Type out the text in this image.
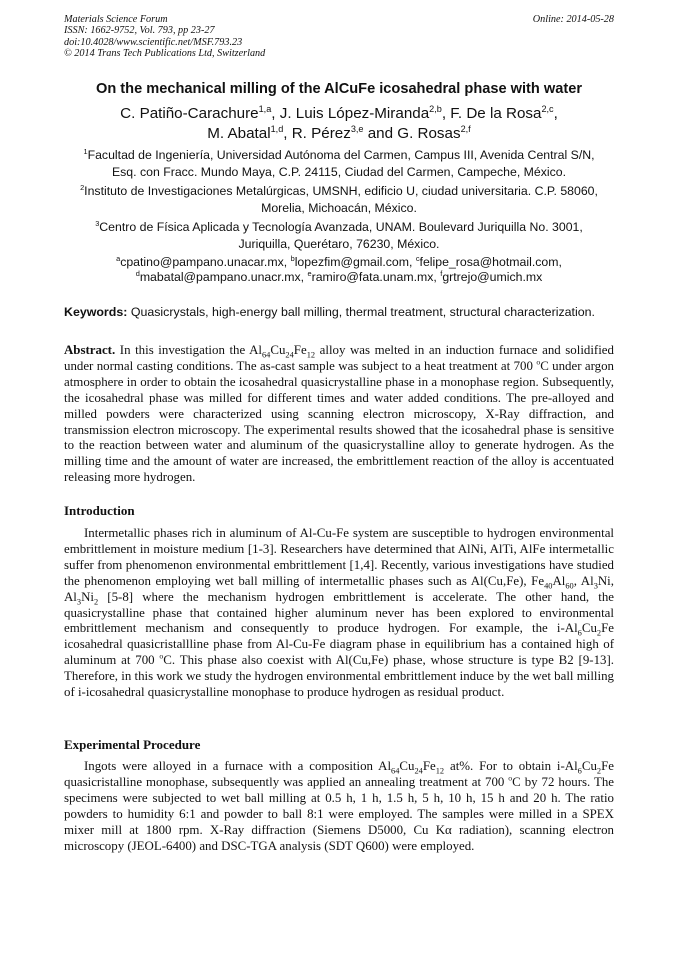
Materials Science Forum
ISSN: 1662-9752, Vol. 793, pp 23-27
doi:10.4028/www.scientific.net/MSF.793.23
© 2014 Trans Tech Publications Ltd, Switzerland
Online: 2014-05-28
On the mechanical milling of the AlCuFe icosahedral phase with water
C. Patiño-Carachure$^{1,a}$, J. Luis López-Miranda$^{2,b}$, F. De la Rosa$^{2,c}$,
M. Abatal$^{1,d}$, R. Pérez$^{3,e}$ and G. Rosas$^{2,f}$
$^1$Facultad de Ingeniería, Universidad Autónoma del Carmen, Campus III, Avenida Central S/N,
Esq. con Fracc. Mundo Maya, C.P. 24115, Ciudad del Carmen, Campeche, México.
$^2$Instituto de Investigaciones Metalúrgicas, UMSNH, edificio U, ciudad universitaria. C.P. 58060,
Morelia, Michoacán, México.
$^3$Centro de Física Aplicada y Tecnología Avanzada, UNAM. Boulevard Juriquilla No. 3001,
Juriquilla, Querétaro, 76230, México.
$^a$cpatino@pampano.unacar.mx, $^b$lopezfim@gmail.com, $^c$felipe_rosa@hotmail.com,
$^d$mabatal@pampano.unacr.mx, $^e$ramiro@fata.unam.mx, $^f$grtrejo@umich.mx
Keywords: Quasicrystals, high-energy ball milling, thermal treatment, structural characterization.

Abstract. In this investigation the $Al_{64}Cu_{24}Fe_{12}$ alloy was melted in an induction furnace and solidified under normal casting conditions. The as-cast sample was subject to a heat treatment at 700 $^o$C under argon atmosphere in order to obtain the icosahedral quasicrystalline phase in a monophase region. Subsequently, the icosahedral phase was milled for different times and water added conditions. The pre-alloyed and milled powders were characterized using scanning electron microscopy, X-Ray diffraction, and transmission electron microscopy. The experimental results showed that the icosahedral phase is sensitive to the reaction between water and aluminum of the quasicrystalline alloy to generate hydrogen. As the milling time and the amount of water are increased, the embrittlement reaction of the alloy is accentuated releasing more hydrogen.

Introduction

Intermetallic phases rich in aluminum of Al-Cu-Fe system are susceptible to hydrogen environmental embrittlement in moisture medium [1-3]. Researchers have determined that AlNi, AlTi, AlFe intermetallic suffer from phenomenon environmental embrittlement [1,4]. Recently, various investigations have studied the phenomenon employing wet ball milling of intermetallic phases such as Al(Cu,Fe), $Fe_{40}Al_{60}$, $Al_3Ni$, $Al_3Ni_2$ [5-8] where the mechanism hydrogen embrittlement is accelerate. The other hand, the quasicrystalline phase that contained higher aluminum never has been explored to environmental embrittlement mechanism and consequently to produce hydrogen. For example, the $i-Al_6Cu_2Fe$ icosahedral quasicristallline phase from Al-Cu-Fe diagram phase in equilibrium has a contained high of aluminum at 700 $^o$C. This phase also coexist with Al(Cu,Fe) phase, whose structure is type B2 [9-13]. Therefore, in this work we study the hydrogen environmental embrittlement induce by the wet ball milling of i-icosahedral quasicrystalline monophase to produce hydrogen as residual product.

Experimental Procedure

Ingots were alloyed in a furnace with a composition $Al_{64}Cu_{24}Fe_{12}$ at%. For to obtain $i-Al_6Cu_2Fe$ quasicristalline monophase, subsequently was applied an annealing treatment at 700 $^o$C by 72 hours. The specimens were subjected to wet ball milling at 0.5 h, 1 h, 1.5 h, 5 h, 10 h, 15 h and 20 h. The ratio powders to humidity 6:1 and powder to ball 8:1 were employed. The samples were milled in a SPEX mixer mill at 1800 rpm. X-Ray diffraction (Siemens D5000, Cu Kα radiation), scanning electron microscopy (JEOL-6400) and DSC-TGA analysis (SDT Q600) were employed.
